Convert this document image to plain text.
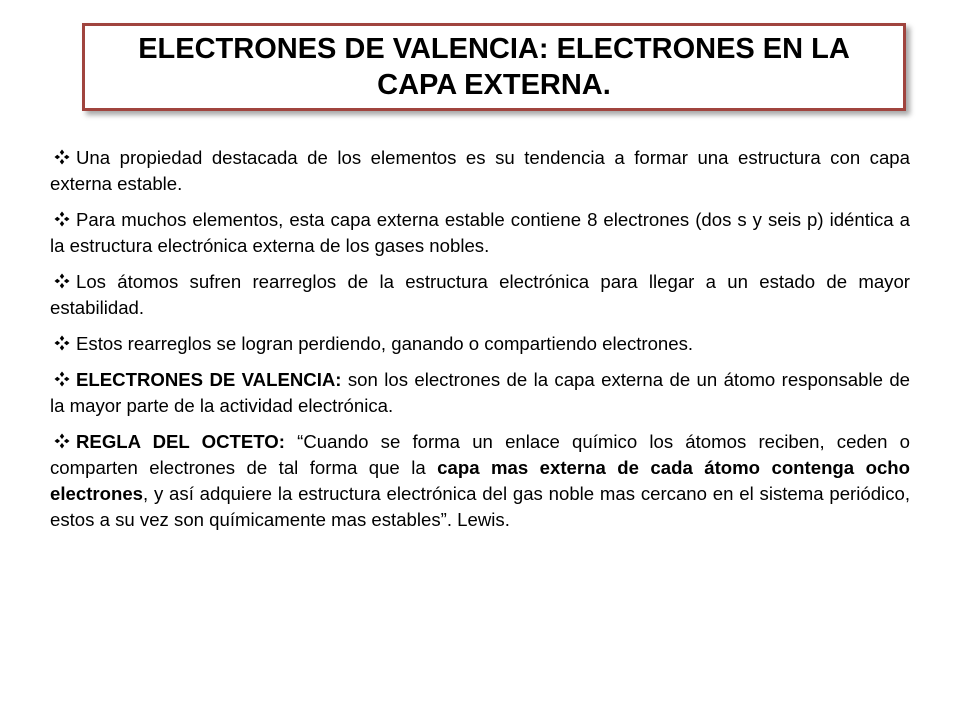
ELECTRONES DE VALENCIA: ELECTRONES EN LA CAPA EXTERNA.

Una propiedad destacada de los elementos es su tendencia a formar una estructura con capa externa estable.

Para muchos elementos, esta capa externa estable contiene 8 electrones (dos s y seis p) idéntica a la estructura electrónica externa de los gases nobles.

Los átomos sufren rearreglos de la estructura electrónica para llegar a un estado de mayor estabilidad.

Estos rearreglos se logran perdiendo, ganando o compartiendo electrones.

ELECTRONES DE VALENCIA: son los electrones de la capa externa de un átomo responsable de la mayor parte de la actividad electrónica.

REGLA DEL OCTETO: “Cuando se forma un enlace químico los átomos reciben, ceden o comparten electrones de tal forma que la capa mas externa de cada átomo contenga ocho electrones, y así adquiere la estructura electrónica del gas noble mas cercano en el sistema periódico, estos a su vez son químicamente mas estables”. Lewis.
